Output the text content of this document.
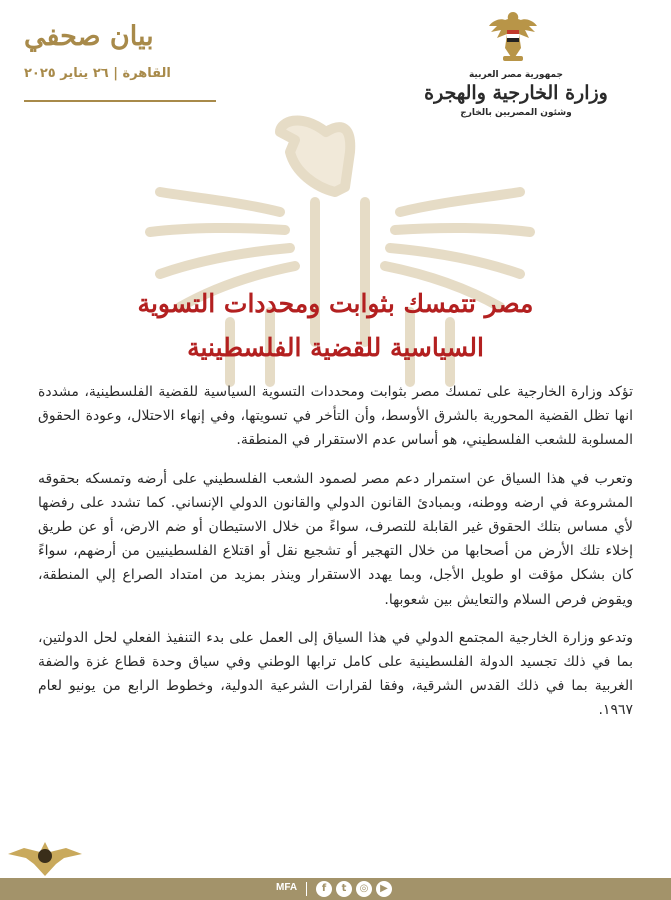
بيان صحفي
القاهرة | ٢٦ يناير ٢٠٢٥	جمهورية مصر العربية
وزارة الخارجية والهجرة
وشئون المصريين بالخارج
مصر تتمسك بثوابت ومحددات التسوية
السياسية للقضية الفلسطينية

تؤكد وزارة الخارجية على تمسك مصر بثوابت ومحددات التسوية السياسية للقضية الفلسطينية، مشددة انها تظل القضية المحورية بالشرق الأوسط، وأن التأخر في تسويتها، وفي إنهاء الاحتلال، وعودة الحقوق المسلوبة للشعب الفلسطيني، هو أساس عدم الاستقرار في المنطقة.

وتعرب في هذا السياق عن استمرار دعم مصر لصمود الشعب الفلسطيني على أرضه وتمسكه بحقوقه المشروعة في ارضه ووطنه، وبمبادئ القانون الدولي والقانون الدولي الإنساني. كما تشدد على رفضها لأي مساس بتلك الحقوق غير القابلة للتصرف، سواءً من خلال الاستيطان أو ضم الارض، أو عن طريق إخلاء تلك الأرض من أصحابها من خلال التهجير أو تشجيع نقل أو اقتلاع الفلسطينيين من أرضهم، سواءً كان بشكل مؤقت او طويل الأجل، وبما يهدد الاستقرار وينذر بمزيد من امتداد الصراع إلي المنطقة، ويقوض فرص السلام والتعايش بين شعوبها.

وتدعو وزارة الخارجية المجتمع الدولي في هذا السياق إلى العمل على بدء التنفيذ الفعلي لحل الدولتين، بما في ذلك تجسيد الدولة الفلسطينية على كامل ترابها الوطني وفي سياق وحدة قطاع غزة والضفة الغربية بما في ذلك القدس الشرقية، وفقا لقرارات الشرعية الدولية، وخطوط الرابع من يونيو لعام ١٩٦٧.

MFA	f	t	◎	▶
